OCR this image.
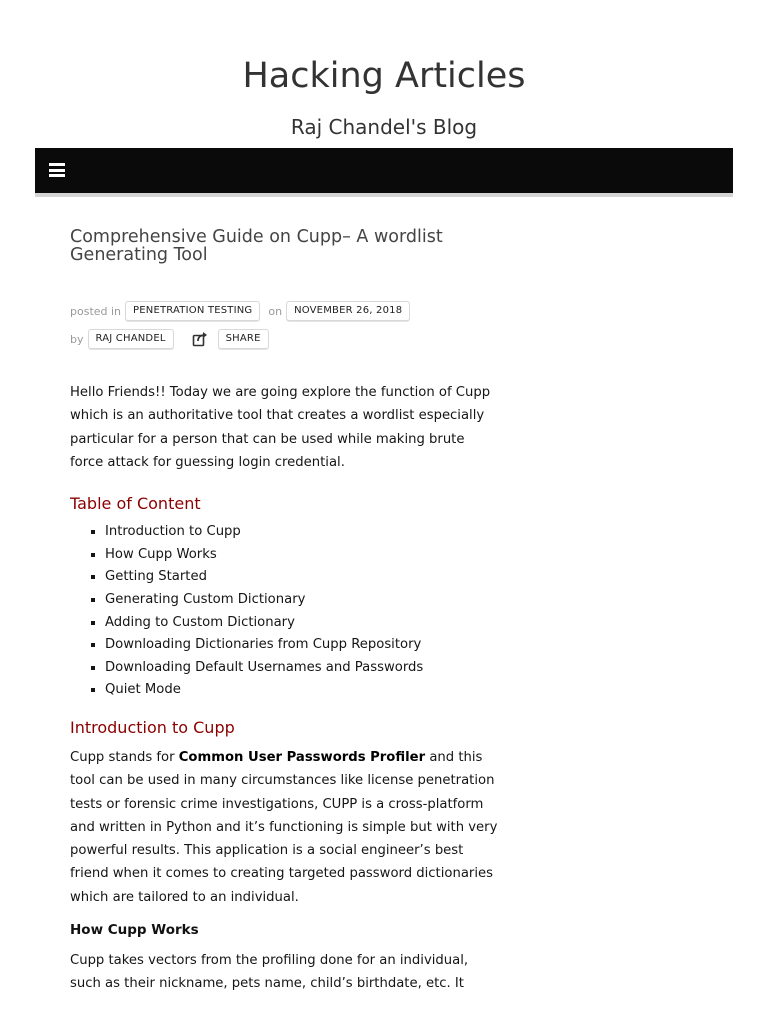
Hacking Articles

Raj Chandel's Blog

Comprehensive Guide on Cupp– A wordlist Generating Tool
posted in	PENETRATION TESTING	on	NOVEMBER 26, 2018
by	RAJ CHANDEL	SHARE

Hello Friends!! Today we are going explore the function of Cupp which is an authoritative tool that creates a wordlist especially particular for a person that can be used while making brute force attack for guessing login credential.

Table of Content
▪ Introduction to Cupp
▪ How Cupp Works
▪ Getting Started
▪ Generating Custom Dictionary
▪ Adding to Custom Dictionary
▪ Downloading Dictionaries from Cupp Repository
▪ Downloading Default Usernames and Passwords
▪ Quiet Mode
Introduction to Cupp

Cupp stands for Common User Passwords Profiler and this tool can be used in many circumstances like license penetration tests or forensic crime investigations, CUPP is a cross-platform and written in Python and it’s functioning is simple but with very powerful results. This application is a social engineer’s best friend when it comes to creating targeted password dictionaries which are tailored to an individual.

How Cupp Works

Cupp takes vectors from the profiling done for an individual, such as their nickname, pets name, child’s birthdate, etc. It
